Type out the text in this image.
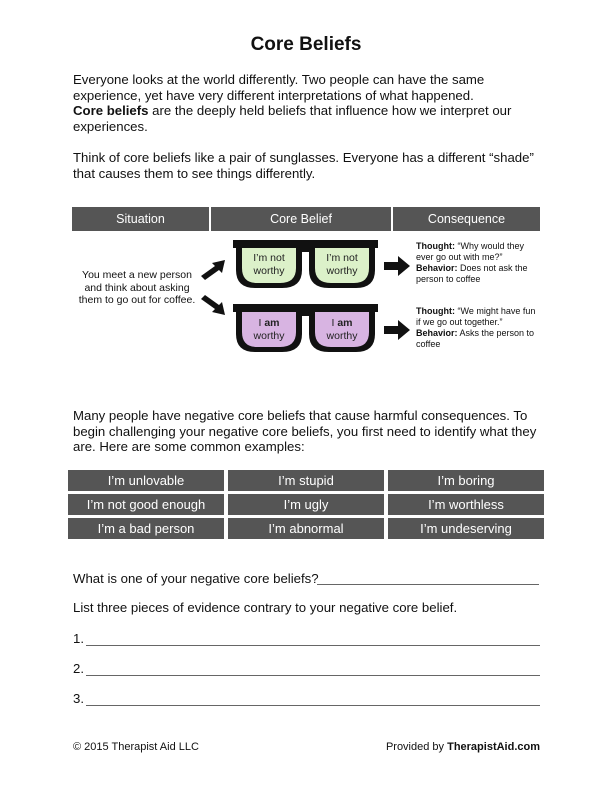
Core Beliefs
Everyone looks at the world differently. Two people can have the same experience, yet have very different interpretations of what happened.
Core beliefs are the deeply held beliefs that influence how we interpret our experiences.
Think of core beliefs like a pair of sunglasses. Everyone has a different “shade” that causes them to see things differently.
Situation	Core Belief	Consequence
You meet a new person and think about asking them to go out for coffee.
I’m not
worthy
I’m not
worthy
I am
worthy
I am
worthy
Thought: “Why would they ever go out with me?”
Behavior: Does not ask the person to coffee
Thought: “We might have fun if we go out together.”
Behavior: Asks the person to coffee
Many people have negative core beliefs that cause harmful consequences. To begin challenging your negative core beliefs, you first need to identify what they are. Here are some common examples:
I’m unlovable	I’m stupid	I’m boring
I’m not good enough	I’m ugly	I’m worthless
I’m a bad person	I’m abnormal	I’m undeserving
What is one of your negative core beliefs?
List three pieces of evidence contrary to your negative core belief.
1.
2.
3.
© 2015 Therapist Aid LLC	Provided by TherapistAid.com
